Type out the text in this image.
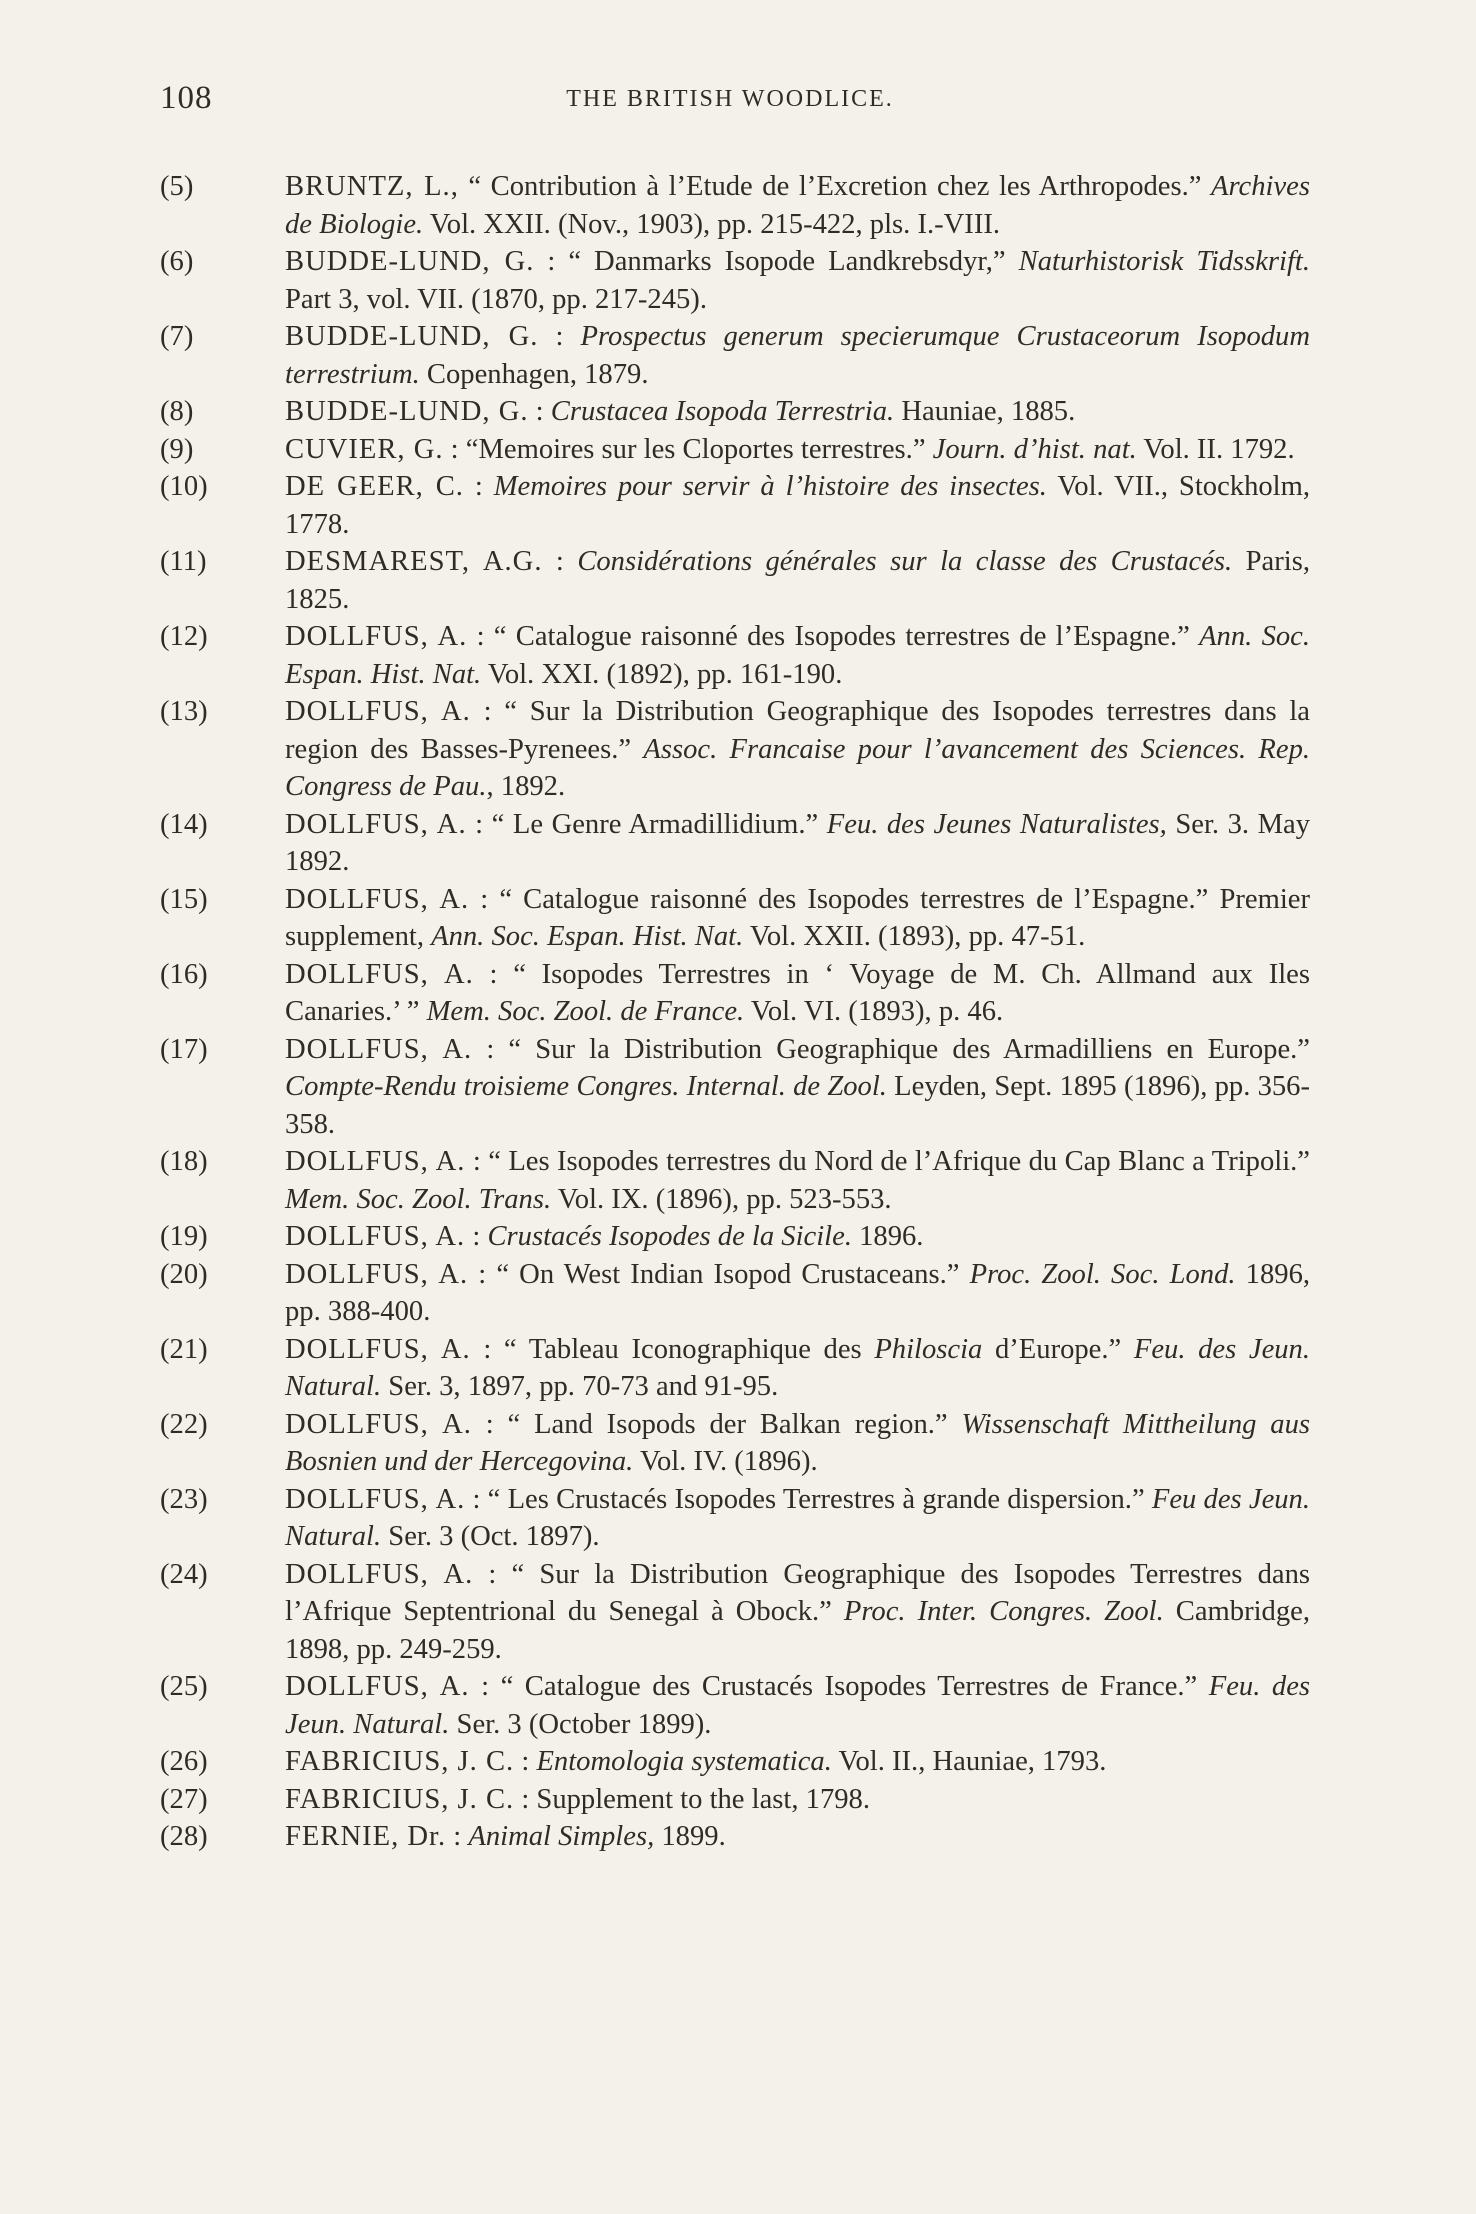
108	THE BRITISH WOODLICE.
(5)	BRUNTZ, L., “ Contribution à l’Etude de l’Excretion chez les Arthropodes.” Archives de Biologie. Vol. XXII. (Nov., 1903), pp. 215-422, pls. I.-VIII.
(6)	BUDDE-LUND, G. : “ Danmarks Isopode Landkrebsdyr,” Naturhistorisk Tidsskrift. Part 3, vol. VII. (1870, pp. 217-245).
(7)	BUDDE-LUND, G. : Prospectus generum specierumque Crustaceorum Isopodum terrestrium. Copenhagen, 1879.
(8)	BUDDE-LUND, G. : Crustacea Isopoda Terrestria. Hauniae, 1885.
(9)	CUVIER, G. : “Memoires sur les Cloportes terrestres.” Journ. d’hist. nat. Vol. II. 1792.
(10)	DE GEER, C. : Memoires pour servir à l’histoire des insectes. Vol. VII., Stockholm, 1778.
(11)	DESMAREST, A.G. : Considérations générales sur la classe des Crustacés. Paris, 1825.
(12)	DOLLFUS, A. : “ Catalogue raisonné des Isopodes terrestres de l’Espagne.” Ann. Soc. Espan. Hist. Nat. Vol. XXI. (1892), pp. 161-190.
(13)	DOLLFUS, A. : “ Sur la Distribution Geographique des Isopodes terrestres dans la region des Basses-Pyrenees.” Assoc. Francaise pour l’avancement des Sciences. Rep. Congress de Pau., 1892.
(14)	DOLLFUS, A. : “ Le Genre Armadillidium.” Feu. des Jeunes Naturalistes, Ser. 3. May 1892.
(15)	DOLLFUS, A. : “ Catalogue raisonné des Isopodes terrestres de l’Espagne.” Premier supplement, Ann. Soc. Espan. Hist. Nat. Vol. XXII. (1893), pp. 47-51.
(16)	DOLLFUS, A. : “ Isopodes Terrestres in ‘ Voyage de M. Ch. Allmand aux Iles Canaries.’ ” Mem. Soc. Zool. de France. Vol. VI. (1893), p. 46.
(17)	DOLLFUS, A. : “ Sur la Distribution Geographique des Armadilliens en Europe.” Compte-Rendu troisieme Congres. Internal. de Zool. Leyden, Sept. 1895 (1896), pp. 356-358.
(18)	DOLLFUS, A. : “ Les Isopodes terrestres du Nord de l’Afrique du Cap Blanc a Tripoli.” Mem. Soc. Zool. Trans. Vol. IX. (1896), pp. 523-553.
(19)	DOLLFUS, A. : Crustacés Isopodes de la Sicile. 1896.
(20)	DOLLFUS, A. : “ On West Indian Isopod Crustaceans.” Proc. Zool. Soc. Lond. 1896, pp. 388-400.
(21)	DOLLFUS, A. : “ Tableau Iconographique des Philoscia d’Europe.” Feu. des Jeun. Natural. Ser. 3, 1897, pp. 70-73 and 91-95.
(22)	DOLLFUS, A. : “ Land Isopods der Balkan region.” Wissenschaft Mittheilung aus Bosnien und der Hercegovina. Vol. IV. (1896).
(23)	DOLLFUS, A. : “ Les Crustacés Isopodes Terrestres à grande dispersion.” Feu des Jeun. Natural. Ser. 3 (Oct. 1897).
(24)	DOLLFUS, A. : “ Sur la Distribution Geographique des Isopodes Terrestres dans l’Afrique Septentrional du Senegal à Obock.” Proc. Inter. Congres. Zool. Cambridge, 1898, pp. 249-259.
(25)	DOLLFUS, A. : “ Catalogue des Crustacés Isopodes Terrestres de France.” Feu. des Jeun. Natural. Ser. 3 (October 1899).
(26)	FABRICIUS, J. C. : Entomologia systematica. Vol. II., Hauniae, 1793.
(27)	FABRICIUS, J. C. : Supplement to the last, 1798.
(28)	FERNIE, Dr. : Animal Simples, 1899.
